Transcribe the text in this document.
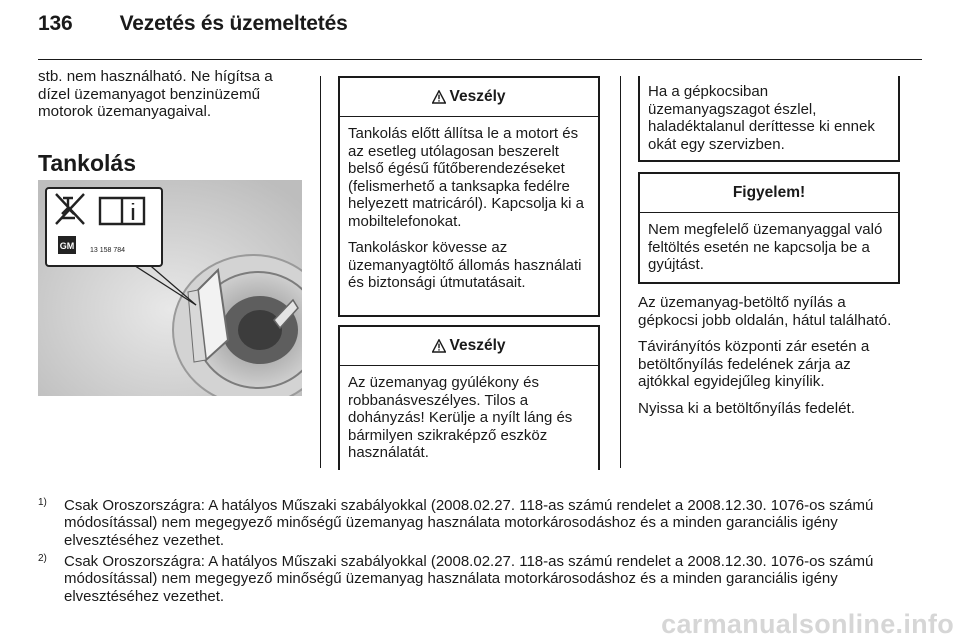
136 Vezetés és üzemeltetés

stb. nem használható. Ne hígítsa a dízel üzemanyagot benzinüzemű motorok üzemanyagaival.

Tankolás
GM 13 158 784
Veszély

Tankolás előtt állítsa le a motort és az esetleg utólagosan beszerelt belső égésű fűtőberendezéseket (felismerhető a tanksapka fedélre helyezett matricáról). Kapcsolja ki a mobiltelefonokat.

Tankoláskor kövesse az üzemanyagtöltő állomás használati és biztonsági útmutatásait.

Veszély

Az üzemanyag gyúlékony és robbanásveszélyes. Tilos a dohányzás! Kerülje a nyílt láng és bármilyen szikraképző eszköz használatát.

Ha a gépkocsiban üzemanyagszagot észlel, haladéktalanul deríttesse ki ennek okát egy szervizben.

Figyelem!

Nem megfelelő üzemanyaggal való feltöltés esetén ne kapcsolja be a gyújtást.

Az üzemanyag-betöltő nyílás a gépkocsi jobb oldalán, hátul található.

Távirányítós központi zár esetén a betöltőnyílás fedelének zárja az ajtókkal egyidejűleg kinyílik.

Nyissa ki a betöltőnyílás fedelét.

1) Csak Oroszországra: A hatályos Műszaki szabályokkal (2008.02.27. 118-as számú rendelet a 2008.12.30. 1076-os számú módosítással) nem megegyező minőségű üzemanyag használata motorkárosodáshoz és a minden garanciális igény elvesztéséhez vezethet.
2) Csak Oroszországra: A hatályos Műszaki szabályokkal (2008.02.27. 118-as számú rendelet a 2008.12.30. 1076-os számú módosítással) nem megegyező minőségű üzemanyag használata motorkárosodáshoz és a minden garanciális igény elvesztéséhez vezethet.
carmanualsonline.info
